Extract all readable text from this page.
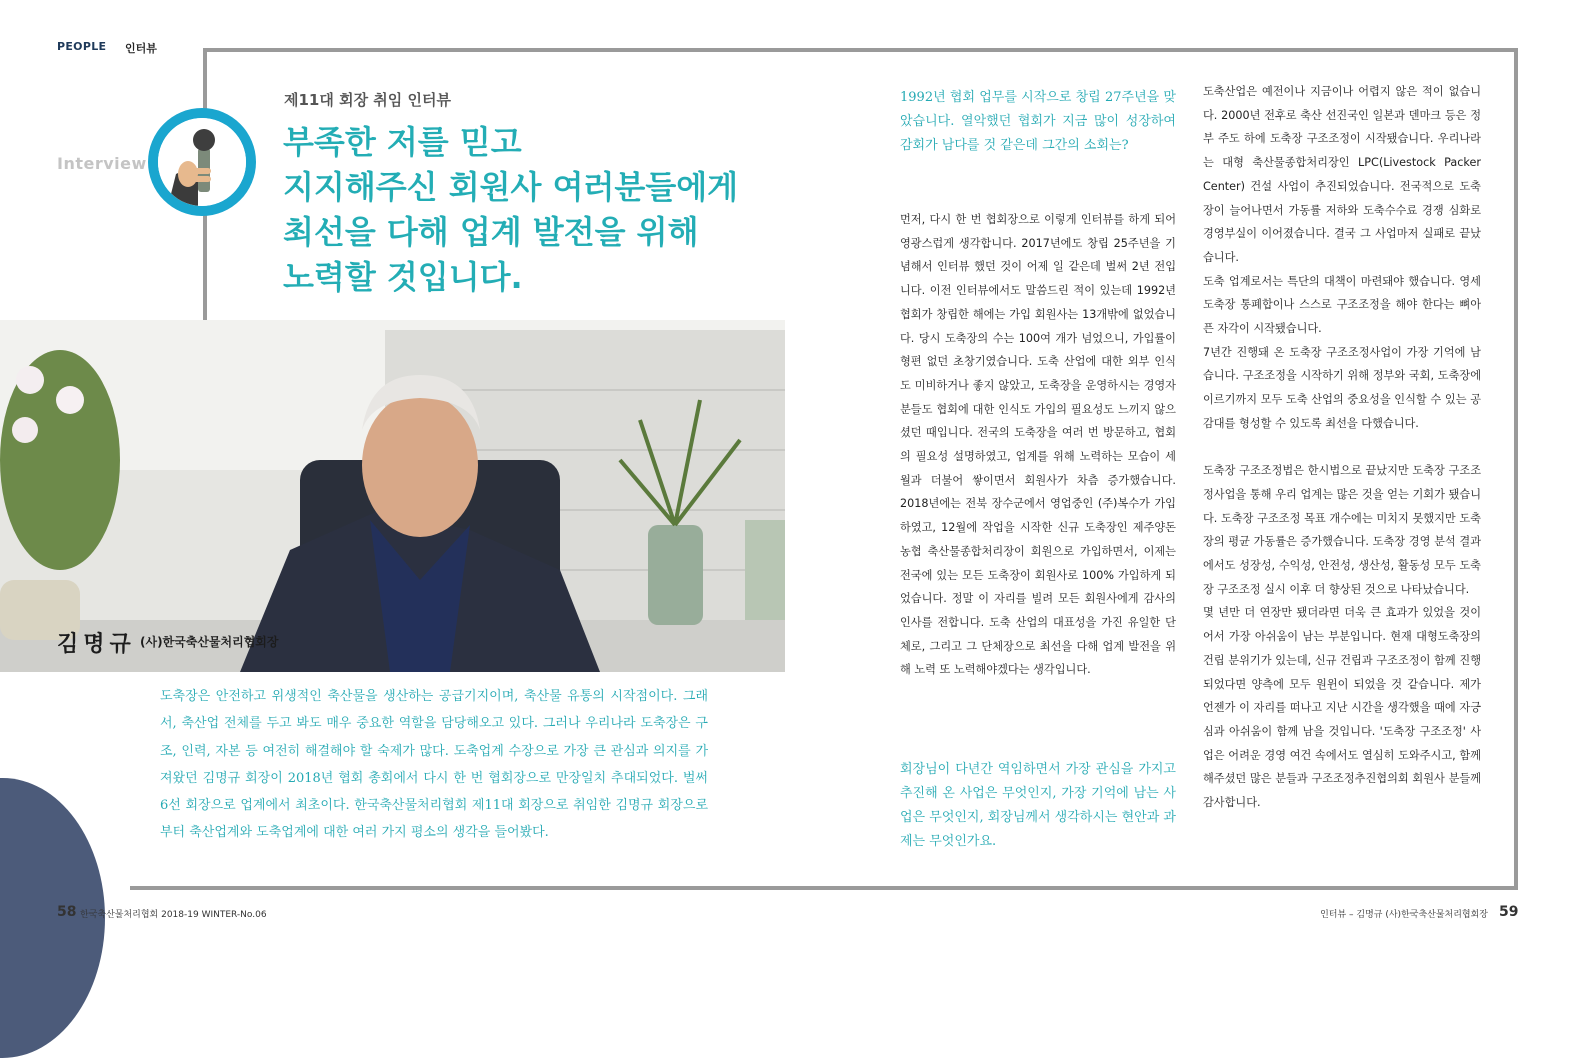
PEOPLE 인터뷰
Interview
제11대 회장 취임 인터뷰
부족한 저를 믿고
지지해주신 회원사 여러분들에게
최선을 다해 업계 발전을 위해
노력할 것입니다.
김명규 (사)한국축산물처리협회장
도축장은 안전하고 위생적인 축산물을 생산하는 공급기지이며, 축산물 유통의 시작점이다. 그래서, 축산업 전체를 두고 봐도 매우 중요한 역할을 담당해오고 있다. 그러나 우리나라 도축장은 구조, 인력, 자본 등 여전히 해결해야 할 숙제가 많다. 도축업계 수장으로 가장 큰 관심과 의지를 가져왔던 김명규 회장이 2018년 협회 총회에서 다시 한 번 협회장으로 만장일치 추대되었다. 벌써 6선 회장으로 업계에서 최초이다. 한국축산물처리협회 제11대 회장으로 취임한 김명규 회장으로부터 축산업계와 도축업계에 대한 여러 가지 평소의 생각을 들어봤다.
1992년 협회 업무를 시작으로 창립 27주년을 맞았습니다. 열악했던 협회가 지금 많이 성장하여 감회가 남다를 것 같은데 그간의 소회는?
먼저, 다시 한 번 협회장으로 이렇게 인터뷰를 하게 되어 영광스럽게 생각합니다. 2017년에도 창립 25주년을 기념해서 인터뷰 했던 것이 어제 일 같은데 벌써 2년 전입니다. 이전 인터뷰에서도 말씀드린 적이 있는데 1992년 협회가 창립한 해에는 가입 회원사는 13개밖에 없었습니다. 당시 도축장의 수는 100여 개가 넘었으니, 가입률이 형편 없던 초창기였습니다. 도축 산업에 대한 외부 인식도 미비하거나 좋지 않았고, 도축장을 운영하시는 경영자 분들도 협회에 대한 인식도 가입의 필요성도 느끼지 않으셨던 때입니다. 전국의 도축장을 여러 번 방문하고, 협회의 필요성 설명하였고, 업계를 위해 노력하는 모습이 세월과 더불어 쌓이면서 회원사가 차츰 증가했습니다. 2018년에는 전북 장수군에서 영업중인 (주)복수가 가입하였고, 12월에 작업을 시작한 신규 도축장인 제주양돈농협 축산물종합처리장이 회원으로 가입하면서, 이제는 전국에 있는 모든 도축장이 회원사로 100% 가입하게 되었습니다. 정말 이 자리를 빌려 모든 회원사에게 감사의 인사를 전합니다. 도축 산업의 대표성을 가진 유일한 단체로, 그리고 그 단체장으로 최선을 다해 업계 발전을 위해 노력 또 노력해야겠다는 생각입니다.
회장님이 다년간 역임하면서 가장 관심을 가지고 추진해 온 사업은 무엇인지, 가장 기억에 남는 사업은 무엇인지, 회장님께서 생각하시는 현안과 과제는 무엇인가요.

도축산업은 예전이나 지금이나 어렵지 않은 적이 없습니다. 2000년 전후로 축산 선진국인 일본과 덴마크 등은 정부 주도 하에 도축장 구조조정이 시작됐습니다. 우리나라는 대형 축산물종합처리장인 LPC(Livestock Packer Center) 건설 사업이 추진되었습니다. 전국적으로 도축장이 늘어나면서 가동률 저하와 도축수수료 경쟁 심화로 경영부실이 이어졌습니다. 결국 그 사업마저 실패로 끝났습니다.

도축 업계로서는 특단의 대책이 마련돼야 했습니다. 영세 도축장 통폐합이나 스스로 구조조정을 해야 한다는 뼈아픈 자각이 시작됐습니다.

7년간 진행돼 온 도축장 구조조정사업이 가장 기억에 남습니다. 구조조정을 시작하기 위해 정부와 국회, 도축장에 이르기까지 모두 도축 산업의 중요성을 인식할 수 있는 공감대를 형성할 수 있도록 최선을 다했습니다.

도축장 구조조정법은 한시법으로 끝났지만 도축장 구조조정사업을 통해 우리 업계는 많은 것을 얻는 기회가 됐습니다. 도축장 구조조정 목표 개수에는 미치지 못했지만 도축장의 평균 가동률은 증가했습니다. 도축장 경영 분석 결과에서도 성장성, 수익성, 안전성, 생산성, 활동성 모두 도축장 구조조정 실시 이후 더 향상된 것으로 나타났습니다.

몇 년만 더 연장만 됐더라면 더욱 큰 효과가 있었을 것이어서 가장 아쉬움이 남는 부분입니다. 현재 대형도축장의 건립 분위기가 있는데, 신규 건립과 구조조정이 함께 진행되었다면 양측에 모두 원윈이 되었을 것 같습니다. 제가 언젠가 이 자리를 떠나고 지난 시간을 생각했을 때에 자긍심과 아쉬움이 함께 남을 것입니다. '도축장 구조조정' 사업은 어려운 경영 여건 속에서도 열심히 도와주시고, 함께 해주셨던 많은 분들과 구조조정추진협의회 회원사 분들께 감사합니다.

58 한국축산물처리협회 2018-19 WINTER-No.06	인터뷰 – 김명규 (사)한국축산물처리협회장 59
